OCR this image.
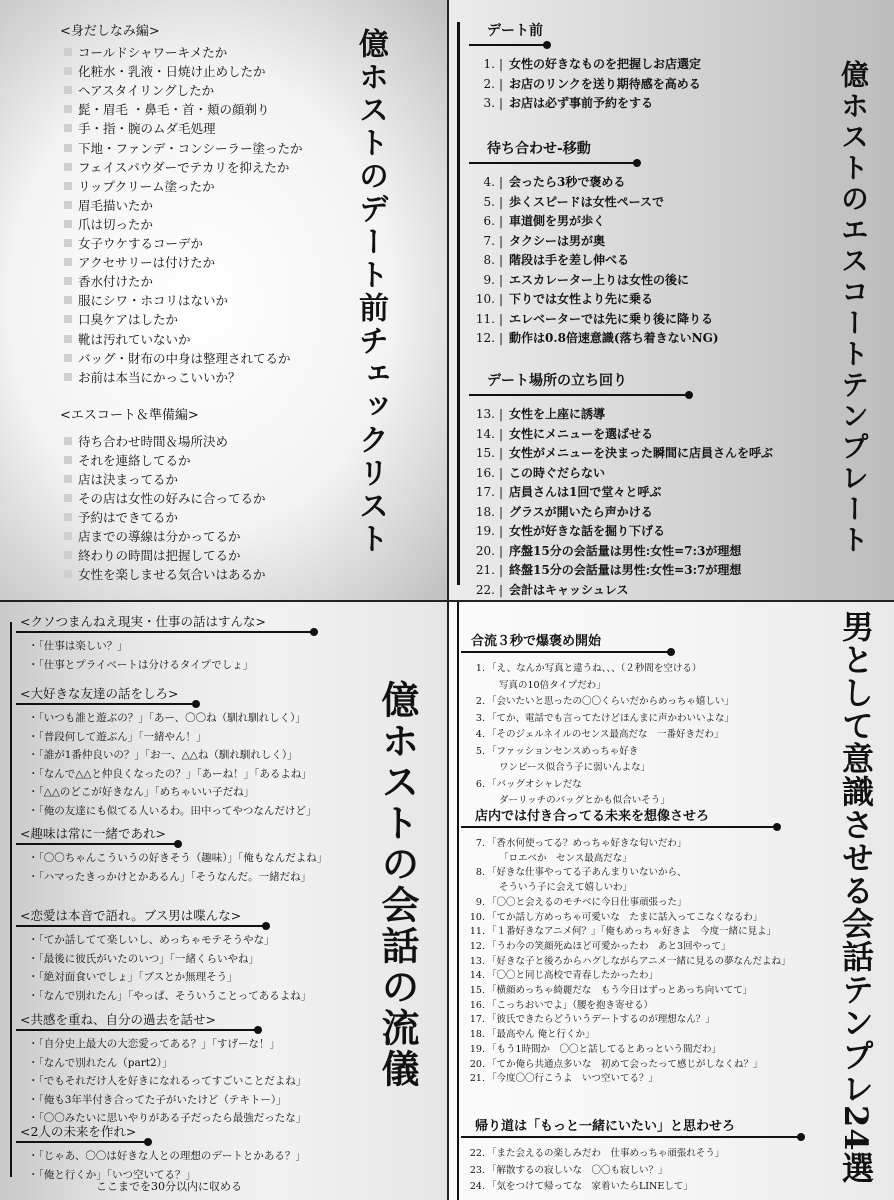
億ホストのデート前チェックリスト
<身だしなみ編>
コールドシャワーキメたか
化粧水・乳液・日焼け止めしたか
ヘアスタイリングしたか
髭・眉毛 ・鼻毛・首・頬の顔剃り
手・指・腕のムダ毛処理
下地・ファンデ・コンシーラー塗ったか
フェイスパウダーでテカリを抑えたか
リップクリーム塗ったか
眉毛描いたか
爪は切ったか
女子ウケするコーデか
アクセサリーは付けたか
香水付けたか
服にシワ・ホコリはないか
口臭ケアはしたか
靴は汚れていないか
バッグ・財布の中身は整理されてるか
お前は本当にかっこいいか？
<エスコート＆準備編>
待ち合わせ時間＆場所決め
それを連絡してるか
店は決まってるか
その店は女性の好みに合ってるか
予約はできてるか
店までの導線は分かってるか
終わりの時間は把握してるか
女性を楽しませる気合いはあるか
億ホストのエスコートテンプレート
デート前
1. | 女性の好きなものを把握しお店選定
2. | お店のリンクを送り期待感を高める
3. | お店は必ず事前予約をする
待ち合わせ-移動
4. | 会ったら3秒で褒める
5. | 歩くスピードは女性ペースで
6. | 車道側を男が歩く
7. | タクシーは男が奥
8. | 階段は手を差し伸べる
9. | エスカレーター上りは女性の後に
10. | 下りでは女性より先に乗る
11. | エレベーターでは先に乗り後に降りる
12. | 動作は0.8倍速意識(落ち着きないNG)
デート場所の立ち回り
13. | 女性を上座に誘導
14. | 女性にメニューを選ばせる
15. | 女性がメニューを決まった瞬間に店員さんを呼ぶ
16. | この時ぐだらない
17. | 店員さんは1回で堂々と呼ぶ
18. | グラスが開いたら声かける
19. | 女性が好きな話を掘り下げる
20. | 序盤15分の会話量は男性:女性=7:3が理想
21. | 終盤15分の会話量は男性:女性=3:7が理想
22. | 会計はキャッシュレス
億ホストの会話の流儀
<クソつまんねえ現実・仕事の話はすんな>
・「仕事は楽しい？」
・「仕事とプライベートは分けるタイプでしょ」
<大好きな友達の話をしろ>
・「いつも誰と遊ぶの？」「あー、〇〇ね（馴れ馴れしく）」
・「普段何して遊ぶん」「一緒やん！」
・「誰が1番仲良いの？」「お一、△△ね（馴れ馴れしく）」
・「なんで△△と仲良くなったの？」「あーね！」「あるよね」
・「△△のどこが好きなん」「めちゃいい子だね」
・「俺の友達にも似てる人いるわ。田中ってやつなんだけど」
<趣味は常に一緒であれ>
・「〇〇ちゃんこういうの好きそう（趣味）」「俺もなんだよね」
・「ハマったきっかけとかあるん」「そうなんだ。一緒だね」
<恋愛は本音で語れ。ブス男は喋んな>
・「てか話してて楽しいし、めっちゃモテそうやな」
・「最後に彼氏がいたのいつ」「一緒くらいやね」
・「絶対面食いでしょ」「ブスとか無理そう」
・「なんで別れたん」「やっぱ、そういうことってあるよね」
<共感を重ね、自分の過去を話せ>
・「自分史上最大の大恋愛ってある？」「すげーな！」
・「なんで別れたん（part2）」
・「でもそれだけ人を好きになれるってすごいことだよね」
・「俺も3年半付き合ってた子がいたけど（テキトー）」
・「〇〇みたいに思いやりがある子だったら最強だったな」
<2人の未来を作れ>
・「じゃあ、〇〇は好きな人との理想のデートとかある？」
・「俺と行くか」「いつ空いてる？」
ここまでを30分以内に収める
男として意識させる会話テンプレ24選
合流３秒で爆褒め開始
1. 「え、なんか写真と違うね、、、（２秒間を空ける）
写真の10倍タイプだわ」
2. 「会いたいと思ったの〇〇くらいだからめっちゃ嬉しい」
3. 「てか、電話でも言ってたけどほんまに声かわいいよな」
4. 「そのジェルネイルのセンス最高だな　一番好きだわ」
5. 「ファッションセンスめっちゃ好き
ワンピース似合う子に弱いんよな」
6. 「バッグオシャレだな
ダーリッチのバッグとかも似合いそう」
店内では付き合ってる未来を想像させろ
7. 「香水何使ってる？めっちゃ好きな匂いだわ」
「ロエベか　センス最高だな」
8. 「好きな仕事やってる子あんまりいないから、
そういう子に会えて嬉しいわ」
9. 「〇〇と会えるのモチベに今日仕事頑張った」
10. 「てか話し方めっちゃ可愛いな　たまに話入ってこなくなるわ」
11. 「１番好きなアニメ何？」「俺もめっちゃ好きよ　今度一緒に見よ」
12. 「うわ今の笑顔死ぬほど可愛かったわ　あと3回やって」
13. 「好きな子と後ろからハグしながらアニメ一緒に見るの夢なんだよね」
14. 「〇〇と同じ高校で青春したかったわ」
15. 「横顔めっちゃ綺麗だな　もう今日はずっとあっち向いてて」
16. 「こっちおいでよ」（腰を抱き寄せる）
17. 「彼氏できたらどういうデートするのが理想なん？」
18. 「最高やん 俺と行くか」
19. 「もう1時間か　〇〇と話してるとあっという間だわ」
20. 「てか俺ら共通点多いな　初めて会ったって感じがしなくね？」
21. 「今度〇〇行こうよ　いつ空いてる？」
帰り道は「もっと一緒にいたい」と思わせろ
22. 「また会えるの楽しみだわ　仕事めっちゃ頑張れそう」
23. 「解散するの寂しいな　〇〇も寂しい？」
24. 「気をつけて帰ってな　家着いたらLINEして」
